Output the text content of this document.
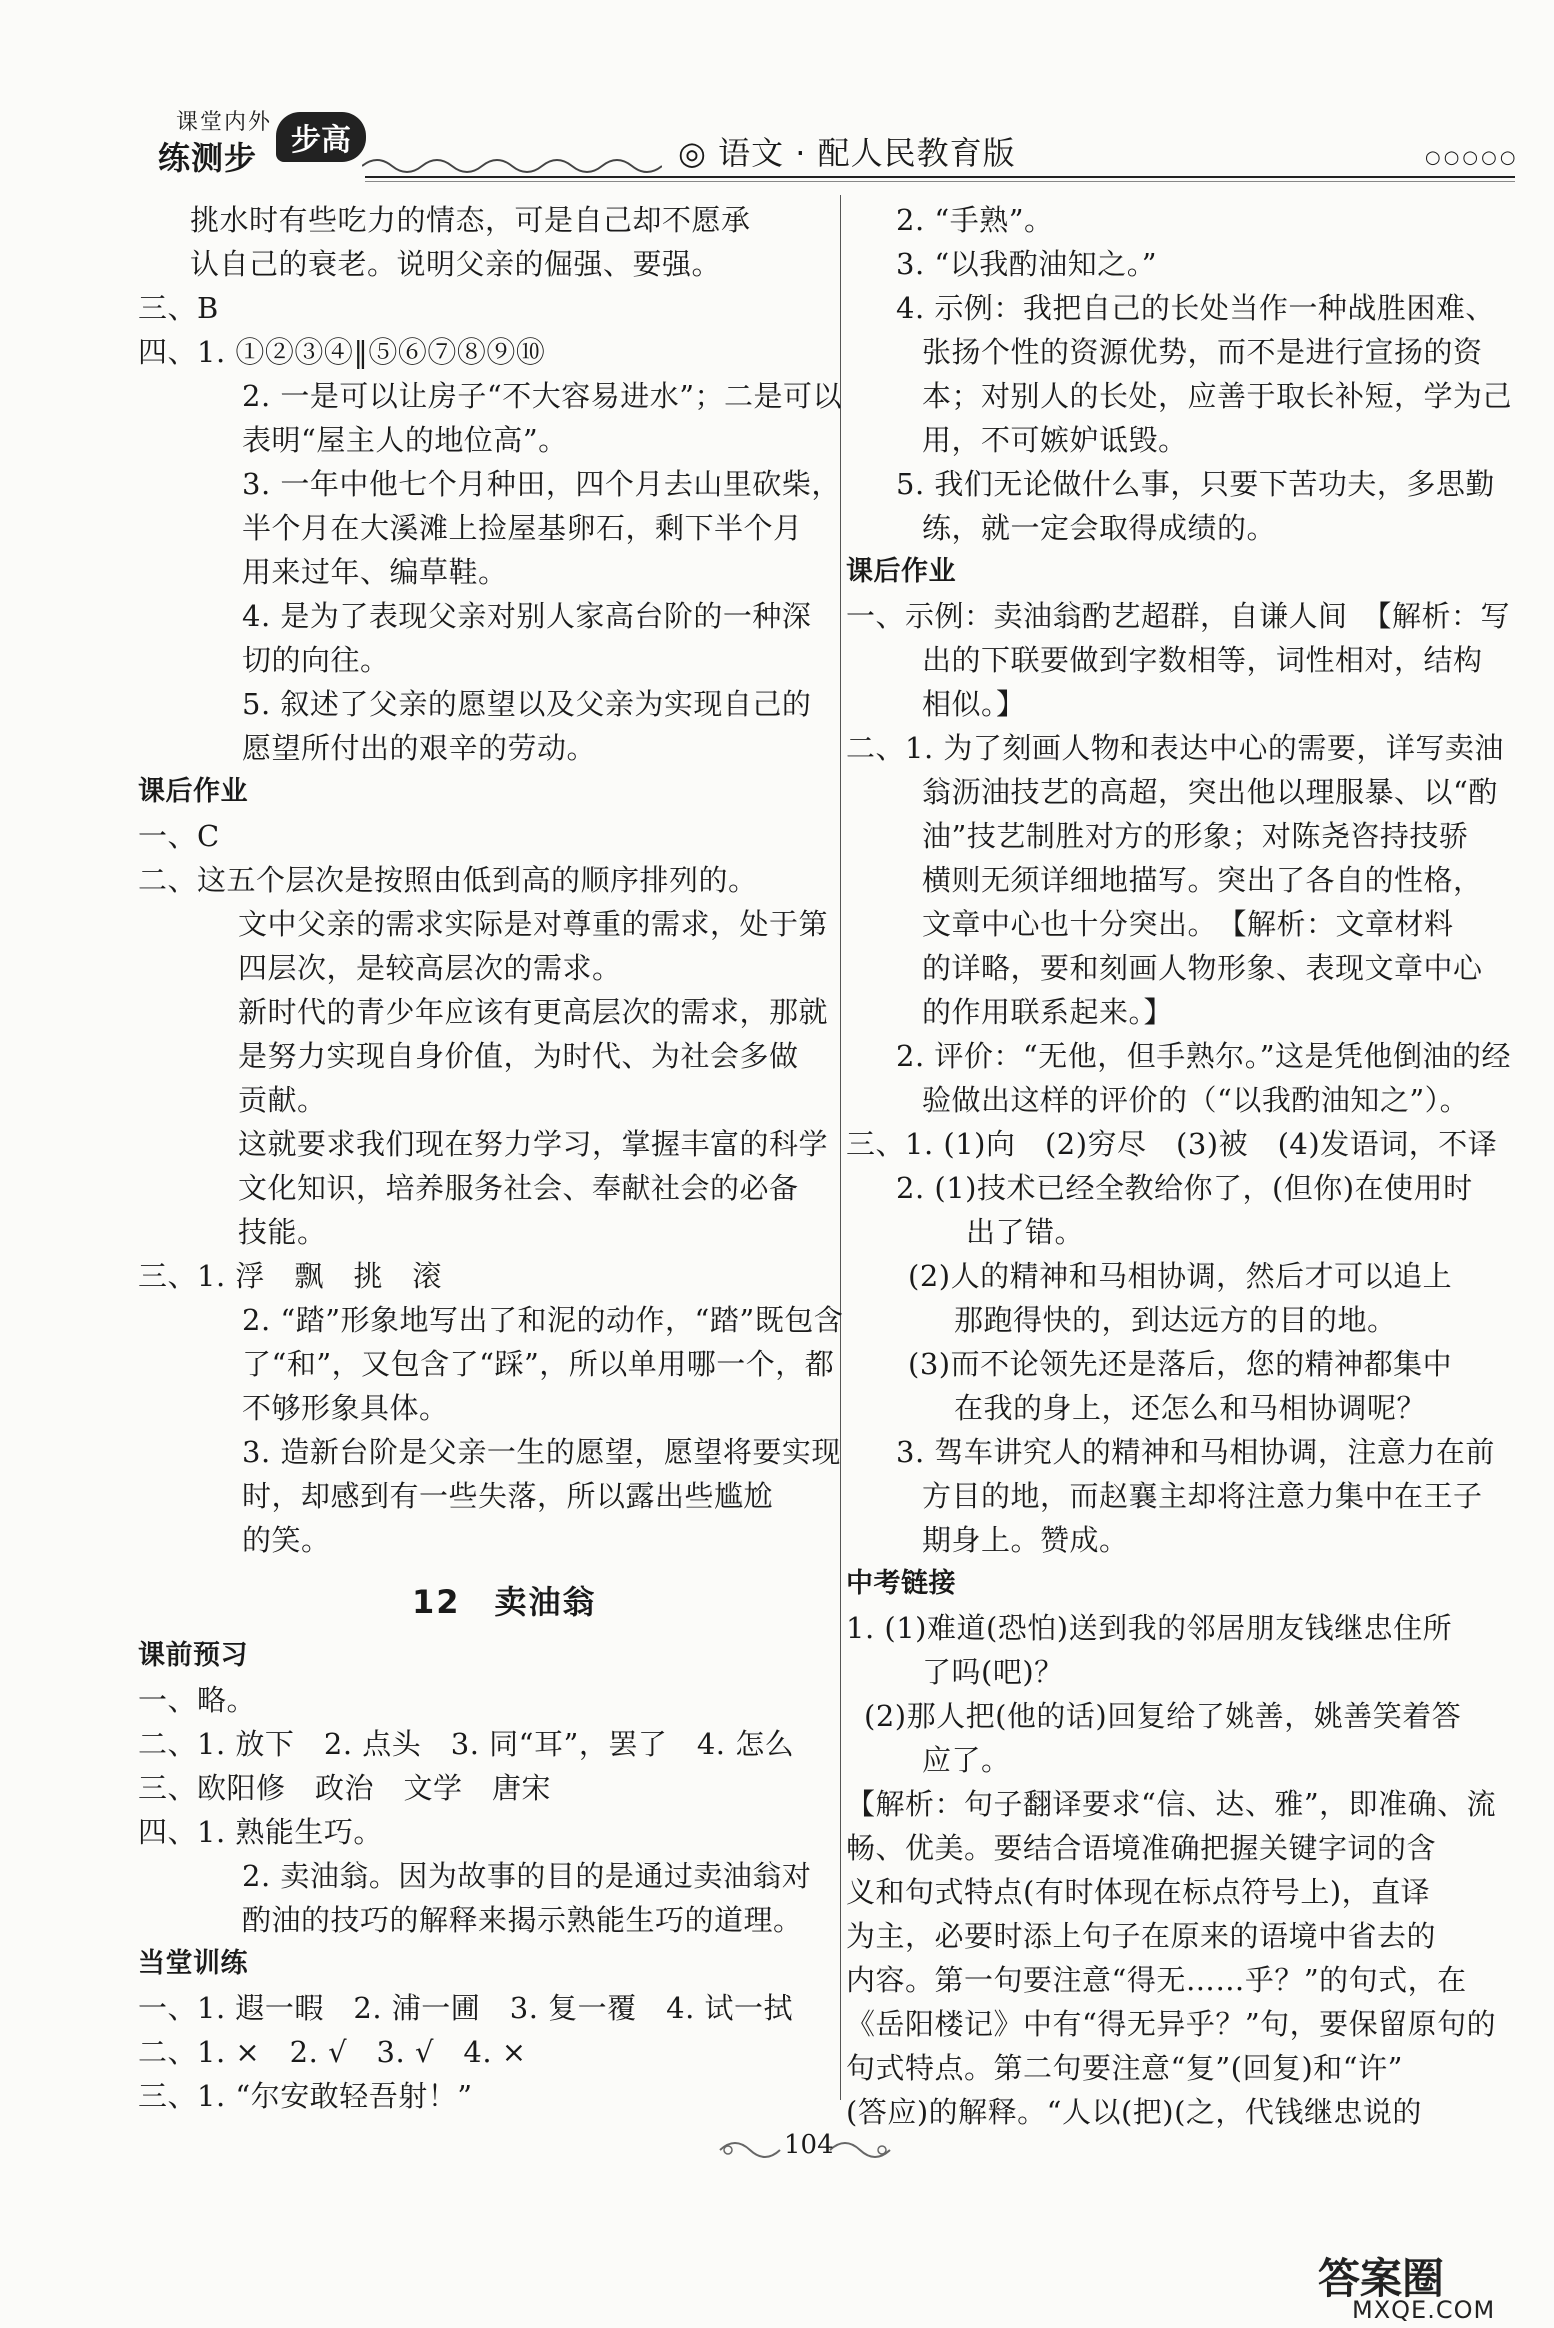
课堂内外
练测步	步高	◎ 语文 · 配人民教育版	○○○○○
挑水时有些吃力的情态，可是自己却不愿承
认自己的衰老。说明父亲的倔强、要强。
三、B
四、1. ①②③④‖⑤⑥⑦⑧⑨⑩
2. 一是可以让房子“不大容易进水”；二是可以
表明“屋主人的地位高”。
3. 一年中他七个月种田，四个月去山里砍柴，
半个月在大溪滩上捡屋基卵石，剩下半个月
用来过年、编草鞋。
4. 是为了表现父亲对别人家高台阶的一种深
切的向往。
5. 叙述了父亲的愿望以及父亲为实现自己的
愿望所付出的艰辛的劳动。
课后作业
一、C
二、这五个层次是按照由低到高的顺序排列的。
文中父亲的需求实际是对尊重的需求，处于第
四层次，是较高层次的需求。
新时代的青少年应该有更高层次的需求，那就
是努力实现自身价值，为时代、为社会多做
贡献。
这就要求我们现在努力学习，掌握丰富的科学
文化知识，培养服务社会、奉献社会的必备
技能。
三、1. 浮　飘　挑　滚
2. “踏”形象地写出了和泥的动作，“踏”既包含
了“和”，又包含了“踩”，所以单用哪一个，都
不够形象具体。
3. 造新台阶是父亲一生的愿望，愿望将要实现
时，却感到有一些失落，所以露出些尴尬
的笑。
12　卖油翁
课前预习
一、略。
二、1. 放下　2. 点头　3. 同“耳”，罢了　4. 怎么
三、欧阳修　政治　文学　唐宋
四、1. 熟能生巧。
2. 卖油翁。因为故事的目的是通过卖油翁对
酌油的技巧的解释来揭示熟能生巧的道理。
当堂训练
一、1. 遐一暇　2. 浦一圃　3. 复一覆　4. 试一拭
二、1. ×　2. √　3. √　4. ×
三、1. “尔安敢轻吾射！”
2. “手熟”。
3. “以我酌油知之。”
4. 示例：我把自己的长处当作一种战胜困难、
张扬个性的资源优势，而不是进行宣扬的资
本；对别人的长处，应善于取长补短，学为己
用，不可嫉妒诋毁。
5. 我们无论做什么事，只要下苦功夫，多思勤
练，就一定会取得成绩的。
课后作业
一、示例：卖油翁酌艺超群，自谦人间　【解析：写
出的下联要做到字数相等，词性相对，结构
相似。】
二、1. 为了刻画人物和表达中心的需要，详写卖油
翁沥油技艺的高超，突出他以理服暴、以“酌
油”技艺制胜对方的形象；对陈尧咨持技骄
横则无须详细地描写。突出了各自的性格，
文章中心也十分突出。　【解析：文章材料
的详略，要和刻画人物形象、表现文章中心
的作用联系起来。】
2. 评价：“无他，但手熟尔。”这是凭他倒油的经
验做出这样的评价的（“以我酌油知之”）。
三、1. (1)向　(2)穷尽　(3)被　(4)发语词，不译
2. (1)技术已经全教给你了，(但你)在使用时
出了错。
(2)人的精神和马相协调，然后才可以追上
那跑得快的，到达远方的目的地。
(3)而不论领先还是落后，您的精神都集中
在我的身上，还怎么和马相协调呢？
3. 驾车讲究人的精神和马相协调，注意力在前
方目的地，而赵襄主却将注意力集中在王子
期身上。赞成。
中考链接
1. (1)难道(恐怕)送到我的邻居朋友钱继忠住所
了吗(吧)？
(2)那人把(他的话)回复给了姚善，姚善笑着答
应了。
【解析：句子翻译要求“信、达、雅”，即准确、流
畅、优美。要结合语境准确把握关键字词的含
义和句式特点(有时体现在标点符号上)，直译
为主，必要时添上句子在原来的语境中省去的
内容。第一句要注意“得无……乎？”的句式，在
《岳阳楼记》中有“得无异乎？”句，要保留原句的
句式特点。第二句要注意“复”(回复)和“许”
(答应)的解释。“人以(把)(之，代钱继忠说的
104
答案圈
MXQE.COM
